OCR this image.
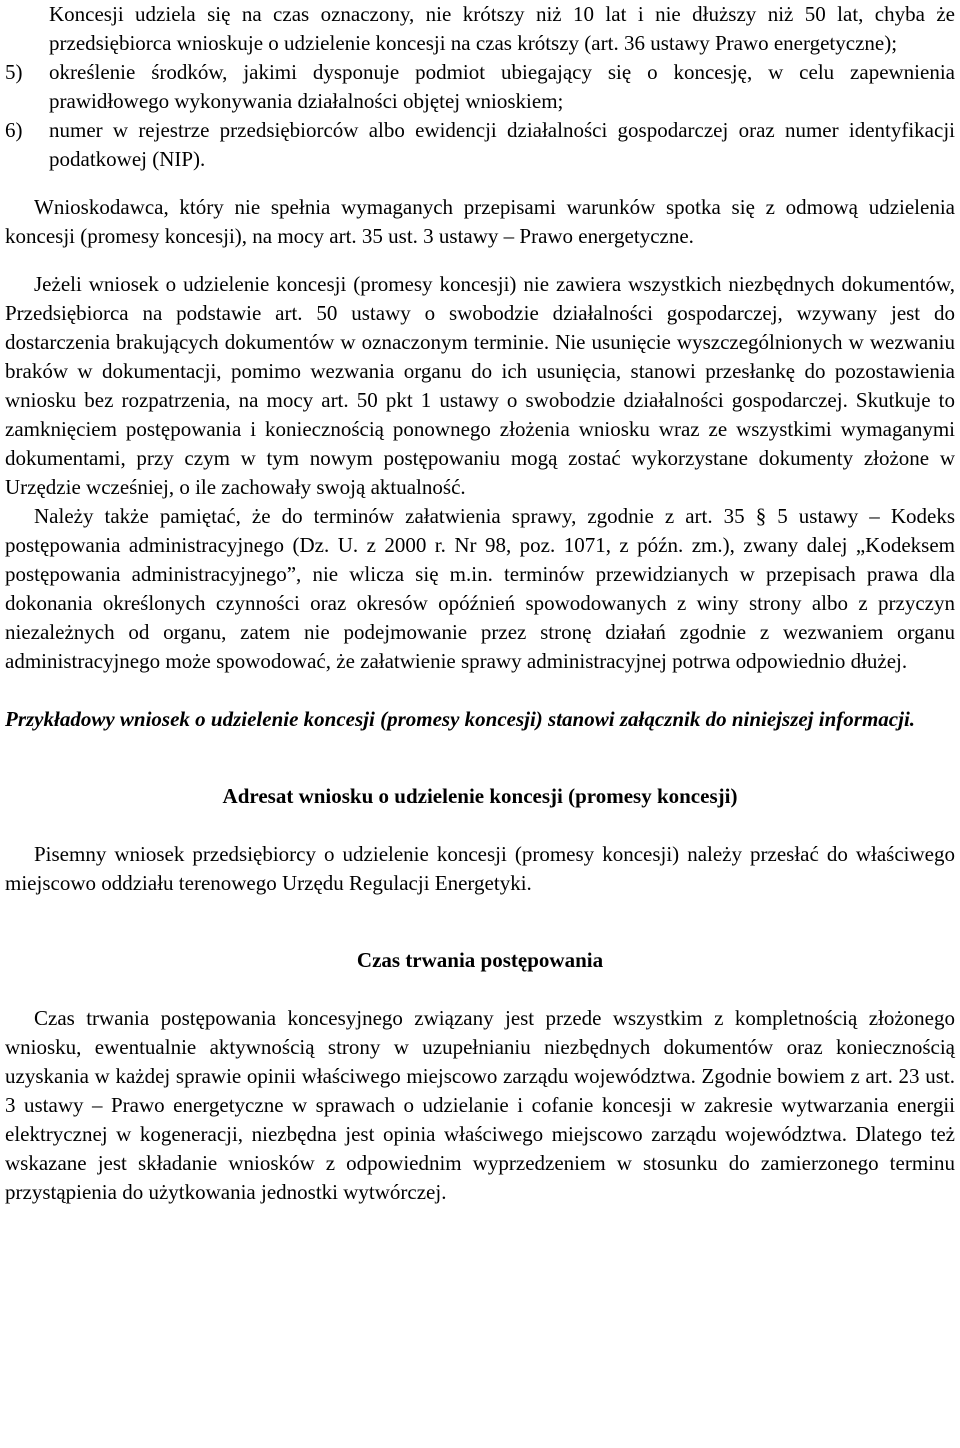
Koncesji udziela się na czas oznaczony, nie krótszy niż 10 lat i nie dłuższy niż 50 lat, chyba że przedsiębiorca wnioskuje o udzielenie koncesji na czas krótszy (art. 36 ustawy Prawo energetyczne);

5) określenie środków, jakimi dysponuje podmiot ubiegający się o koncesję, w celu zapewnienia prawidłowego wykonywania działalności objętej wnioskiem;
6) numer w rejestrze przedsiębiorców albo ewidencji działalności gospodarczej oraz numer identyfikacji podatkowej (NIP).

Wnioskodawca, który nie spełnia wymaganych przepisami warunków spotka się z odmową udzielenia koncesji (promesy koncesji), na mocy art. 35 ust. 3 ustawy – Prawo energetyczne.

Jeżeli wniosek o udzielenie koncesji (promesy koncesji) nie zawiera wszystkich niezbędnych dokumentów, Przedsiębiorca na podstawie art. 50 ustawy o swobodzie działalności gospodarczej, wzywany jest do dostarczenia brakujących dokumentów w oznaczonym terminie. Nie usunięcie wyszczególnionych w wezwaniu braków w dokumentacji, pomimo wezwania organu do ich usunięcia, stanowi przesłankę do pozostawienia wniosku bez rozpatrzenia, na mocy art. 50 pkt 1 ustawy o swobodzie działalności gospodarczej. Skutkuje to zamknięciem postępowania i koniecznością ponownego złożenia wniosku wraz ze wszystkimi wymaganymi dokumentami, przy czym w tym nowym postępowaniu mogą zostać wykorzystane dokumenty złożone w Urzędzie wcześniej, o ile zachowały swoją aktualność.

Należy także pamiętać, że do terminów załatwienia sprawy, zgodnie z art. 35 § 5 ustawy – Kodeks postępowania administracyjnego (Dz. U. z 2000 r. Nr 98, poz. 1071, z późn. zm.), zwany dalej „Kodeksem postępowania administracyjnego”, nie wlicza się m.in. terminów przewidzianych w przepisach prawa dla dokonania określonych czynności oraz okresów opóźnień spowodowanych z winy strony albo z przyczyn niezależnych od organu, zatem nie podejmowanie przez stronę działań zgodnie z wezwaniem organu administracyjnego może spowodować, że załatwienie sprawy administracyjnej potrwa odpowiednio dłużej.

Przykładowy wniosek o udzielenie koncesji (promesy koncesji) stanowi załącznik do niniejszej informacji.

Adresat wniosku o udzielenie koncesji (promesy koncesji)

Pisemny wniosek przedsiębiorcy o udzielenie koncesji (promesy koncesji) należy przesłać do właściwego miejscowo oddziału terenowego Urzędu Regulacji Energetyki.

Czas trwania postępowania

Czas trwania postępowania koncesyjnego związany jest przede wszystkim z kompletnością złożonego wniosku, ewentualnie aktywnością strony w uzupełnianiu niezbędnych dokumentów oraz koniecznością uzyskania w każdej sprawie opinii właściwego miejscowo zarządu województwa. Zgodnie bowiem z art. 23 ust. 3 ustawy – Prawo energetyczne w sprawach o udzielanie i cofanie koncesji w zakresie wytwarzania energii elektrycznej w kogeneracji, niezbędna jest opinia właściwego miejscowo zarządu województwa. Dlatego też wskazane jest składanie wniosków z odpowiednim wyprzedzeniem w stosunku do zamierzonego terminu przystąpienia do użytkowania jednostki wytwórczej.
